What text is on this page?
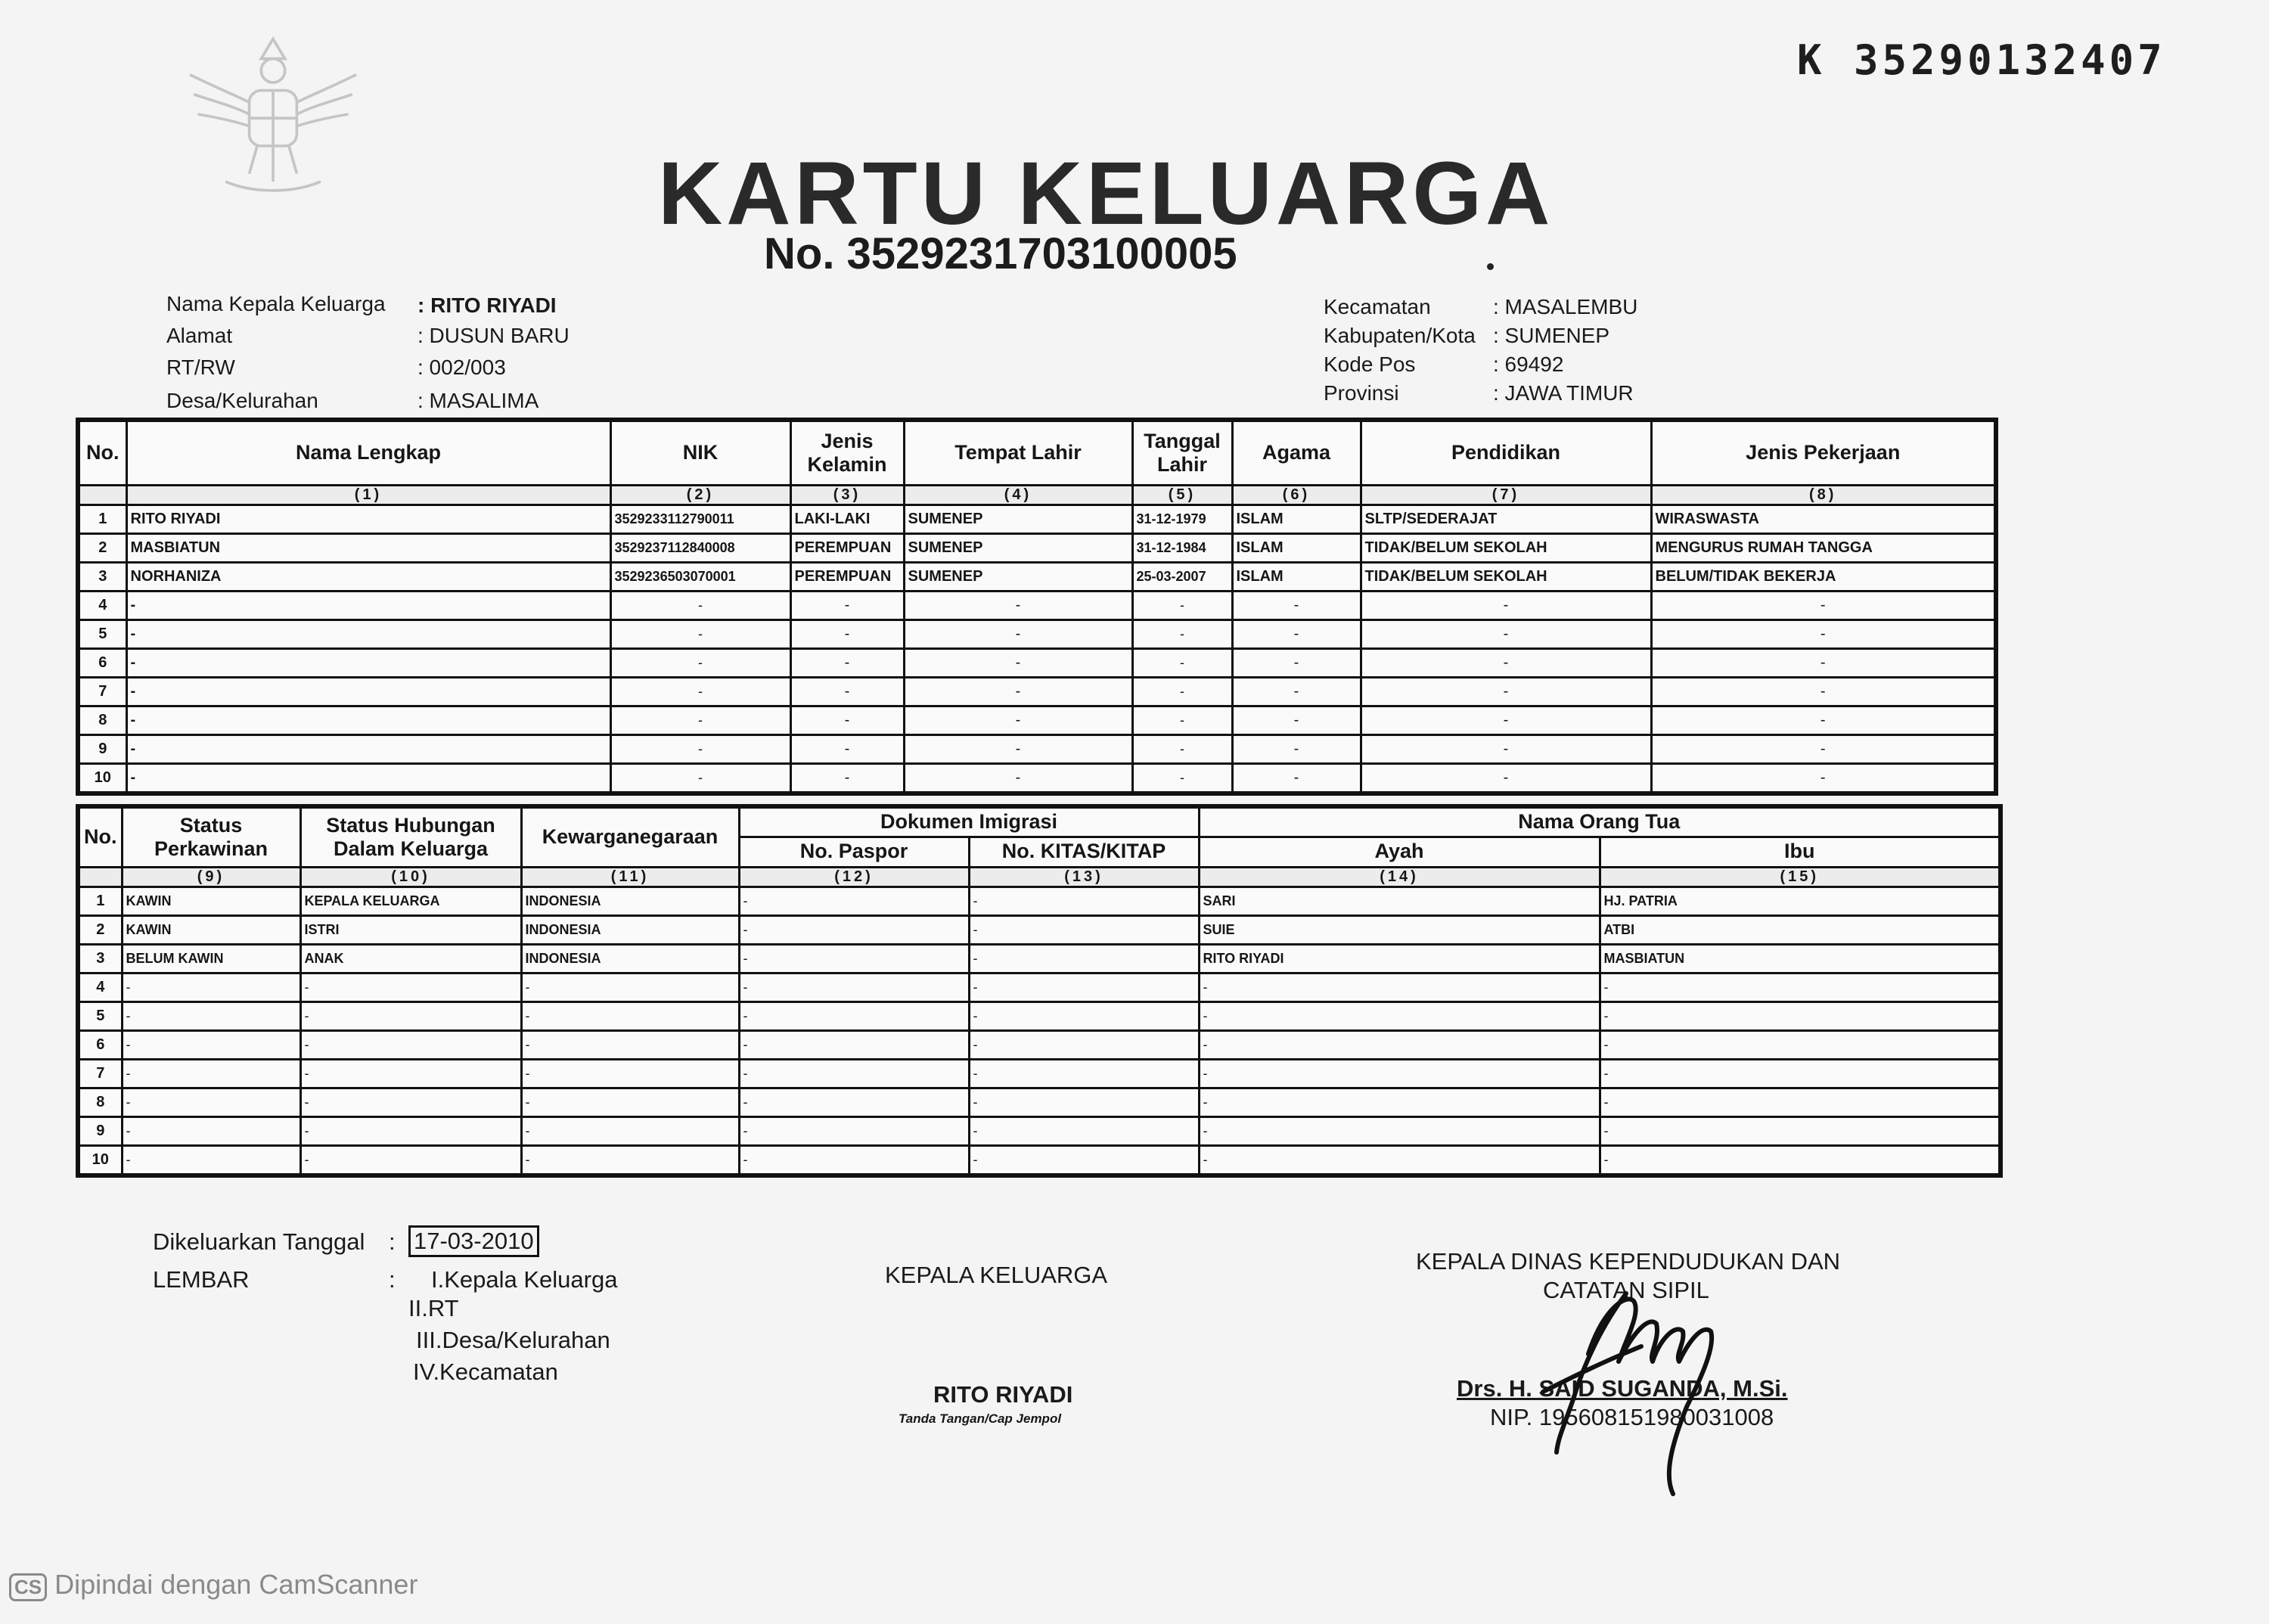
K 35290132407
KARTU KELUARGA
No. 3529231703100005
Nama Kepala Keluarga : RITO RIYADI
Alamat	: DUSUN BARU
RT/RW	: 002/003
Desa/Kelurahan	: MASALIMA
Kecamatan	: MASALEMBU
Kabupaten/Kota : SUMENEP
Kode Pos	: 69492
Provinsi	: JAWA TIMUR
No.	Nama Lengkap	NIK	Jenis Kelamin	Tempat Lahir	Tanggal Lahir	Agama	Pendidikan	Jenis Pekerjaan
	(1)	(2)	(3)	(4)	(5)	(6)	(7)	(8)
1	RITO RIYADI	3529233112790011	LAKI-LAKI	SUMENEP	31-12-1979	ISLAM	SLTP/SEDERAJAT	WIRASWASTA
2	MASBIATUN	3529237112840008	PEREMPUAN	SUMENEP	31-12-1984	ISLAM	TIDAK/BELUM SEKOLAH	MENGURUS RUMAH TANGGA
3	NORHANIZA	3529236503070001	PEREMPUAN	SUMENEP	25-03-2007	ISLAM	TIDAK/BELUM SEKOLAH	BELUM/TIDAK BEKERJA
4	-	-	-	-	-	-	-	-
5	-	-	-	-	-	-	-	-
6	-	-	-	-	-	-	-	-
7	-	-	-	-	-	-	-	-
8	-	-	-	-	-	-	-	-
9	-	-	-	-	-	-	-	-
10	-	-	-	-	-	-	-	-
No.	Status Perkawinan	Status Hubungan Dalam Keluarga	Kewarganegaraan	Dokumen Imigrasi		Nama Orang Tua	
				No. Paspor	No. KITAS/KITAP	Ayah	Ibu
	(9)	(10)	(11)	(12)	(13)	(14)	(15)
1	KAWIN	KEPALA KELUARGA	INDONESIA	-	-	SARI	HJ. PATRIA
2	KAWIN	ISTRI	INDONESIA	-	-	SUIE	ATBI
3	BELUM KAWIN	ANAK	INDONESIA	-	-	RITO RIYADI	MASBIATUN
4	-	-	-	-	-	-	-
5	-	-	-	-	-	-	-
6	-	-	-	-	-	-	-
7	-	-	-	-	-	-	-
8	-	-	-	-	-	-	-
9	-	-	-	-	-	-	-
10	-	-	-	-	-	-	-
Dikeluarkan Tanggal : 17-03-2010
LEMBAR	: I.Kepala Keluarga
II.RT
III.Desa/Kelurahan
IV.Kecamatan
KEPALA KELUARGA
RITO RIYADI
Tanda Tangan/Cap Jempol
KEPALA DINAS KEPENDUDUKAN DAN
CATATAN SIPIL
Drs. H. SAID SUGANDA, M.Si.
NIP. 195608151980031008
CS Dipindai dengan CamScanner
